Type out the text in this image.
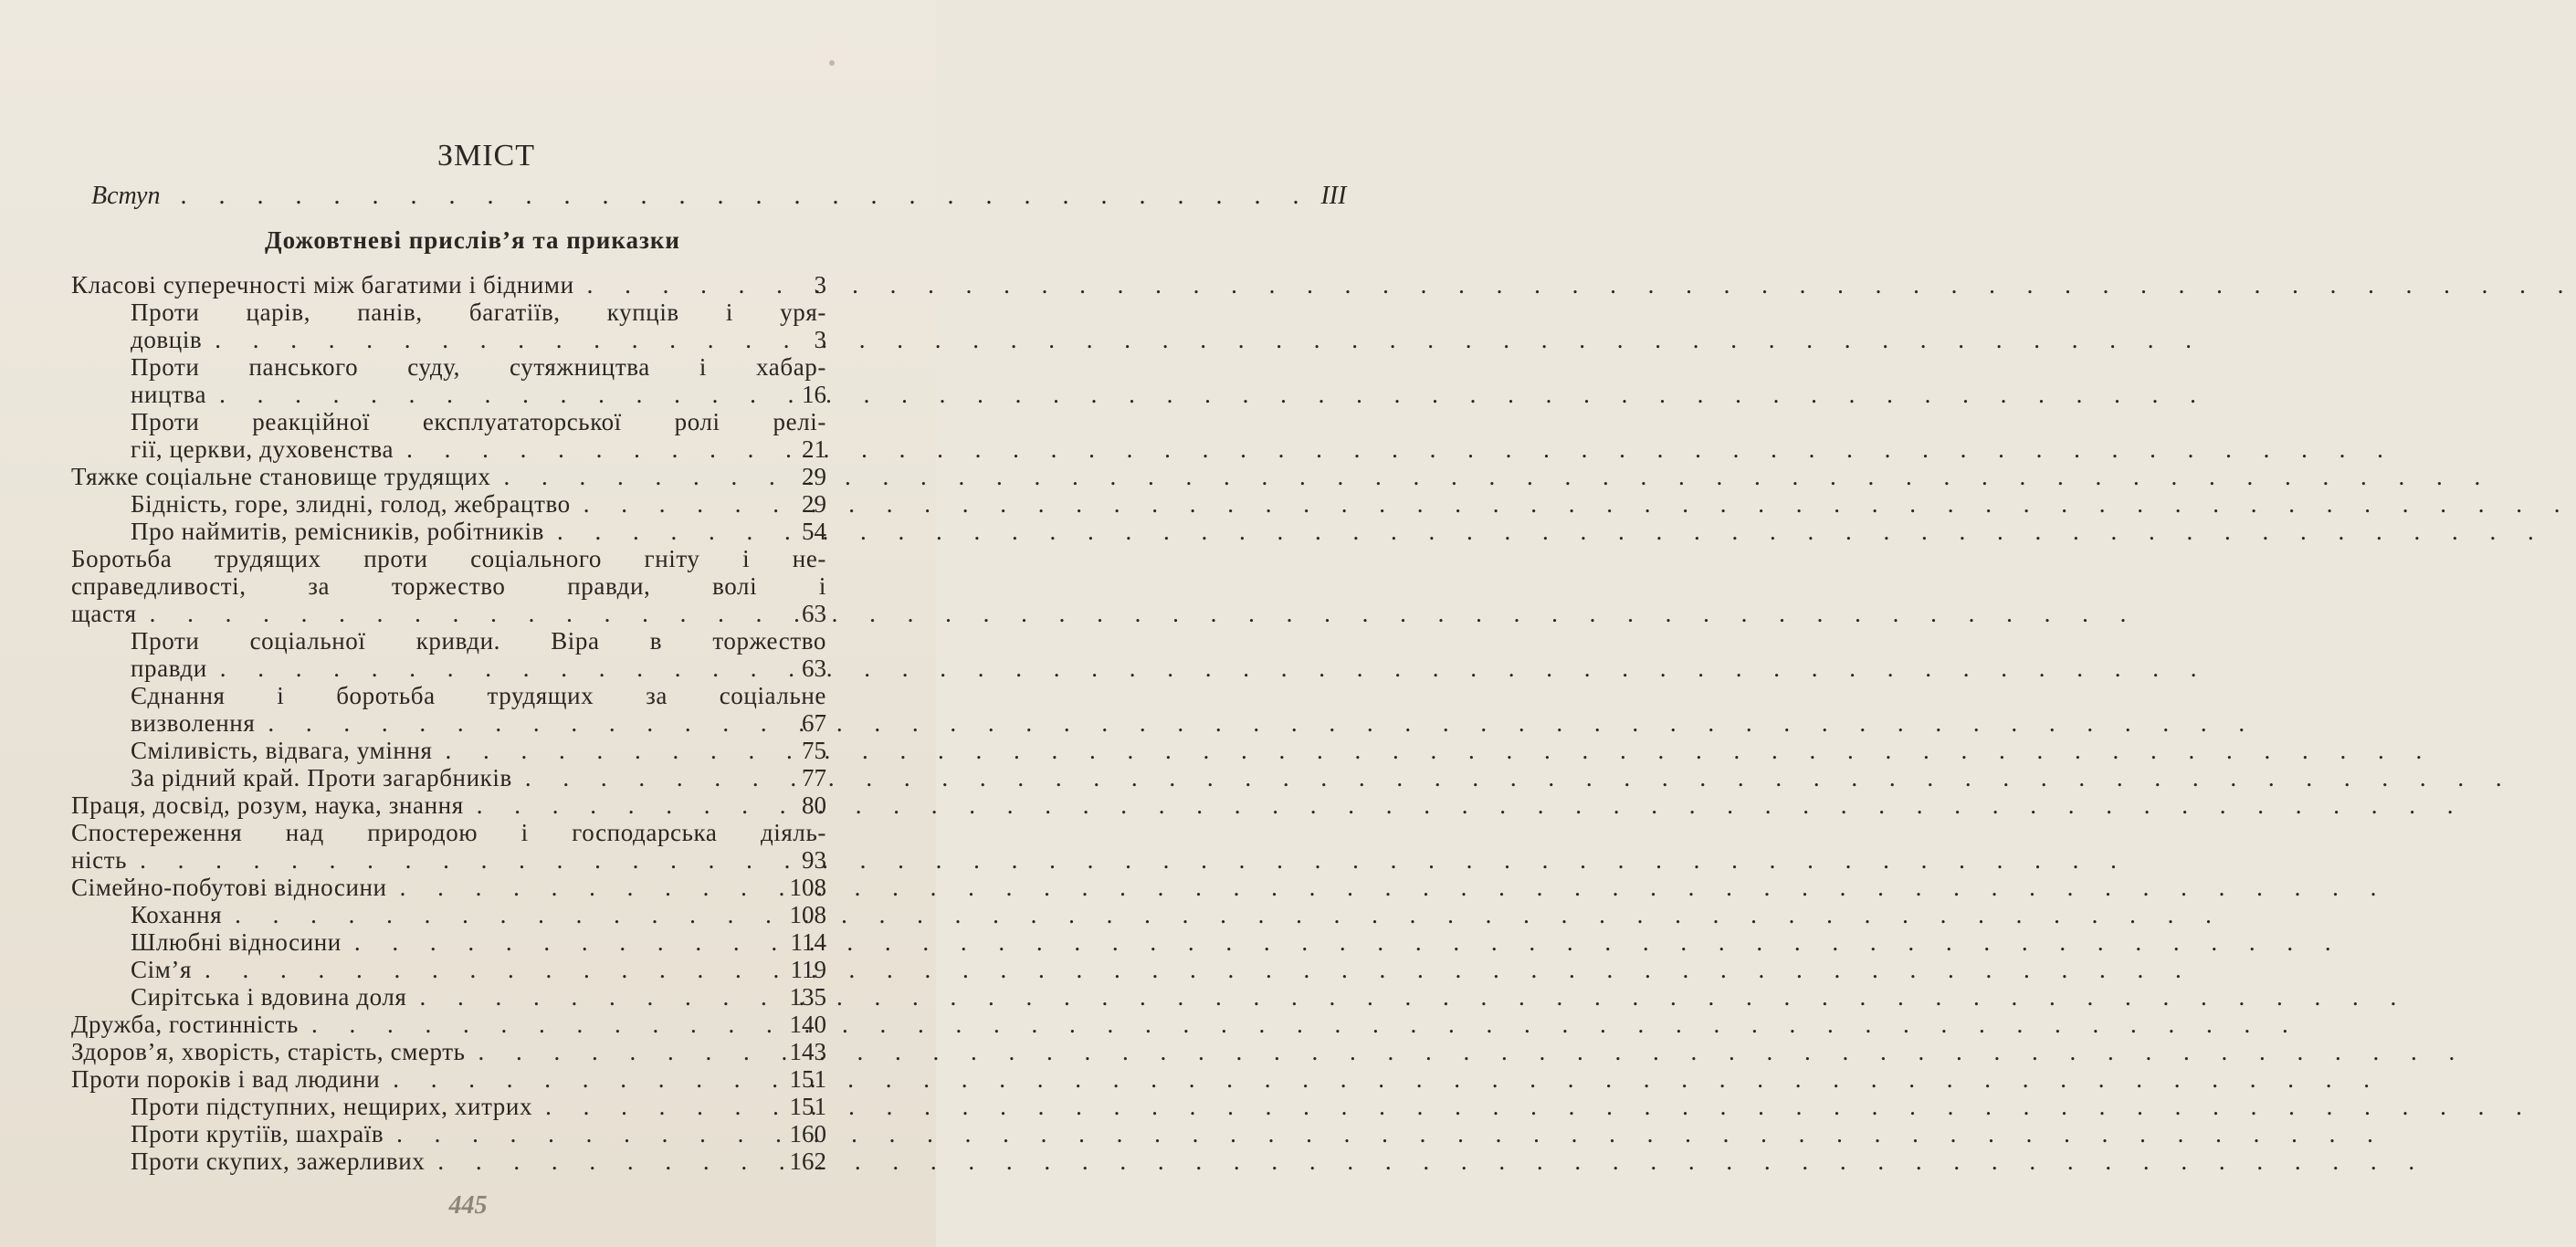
ЗМІСТ
Вступ . . . . . . . . . . . . . . . . . . . . . . . . . . . . . . III
Дожовтневі прислів’я та приказки
3
Класові суперечності між багатими і бідними
. . .
Проти царів, панів, багатіїв, купців і уря-
3
довців
. . .
Проти панського суду, сутяжництва і хабар-
16
ництва
. . .
Проти реакційної експлуататорської ролі релі-
21
гії, церкви, духовенства
. . .
29
Тяжке соціальне становище трудящих
. . .
29
Бідність, горе, злидні, голод, жебрацтво
. . .
54
Про наймитів, ремісників, робітників
. . .
Боротьба трудящих проти соціального гніту і не-
справедливості, за торжество правди, волі і
63
щастя
. . .
Проти соціальної кривди. Віра в торжество
63
правди
. . .
Єднання і боротьба трудящих за соціальне
67
визволення
. . .
75
Сміливість, відвага, уміння
. . .
77
За рідний край. Проти загарбників
. . .
80
Праця, досвід, розум, наука, знання
. . .
Спостереження над природою і господарська діяль-
93
ність
. . .
108
Сімейно-побутові відносини
. . .
108
Кохання
. . .
114
Шлюбні відносини
. . .
119
Сім’я
. . .
135
Сирітська і вдовина доля
. . .
140
Дружба, гостинність
. . .
143
Здоров’я, хворість, старість, смерть
. . .
151
Проти пороків і вад людини
. . .
151
Проти підступних, нещирих, хитрих
. . .
160
Проти крутіїв, шахраїв
. . .
162
Проти скупих, зажерливих
. . .
445
